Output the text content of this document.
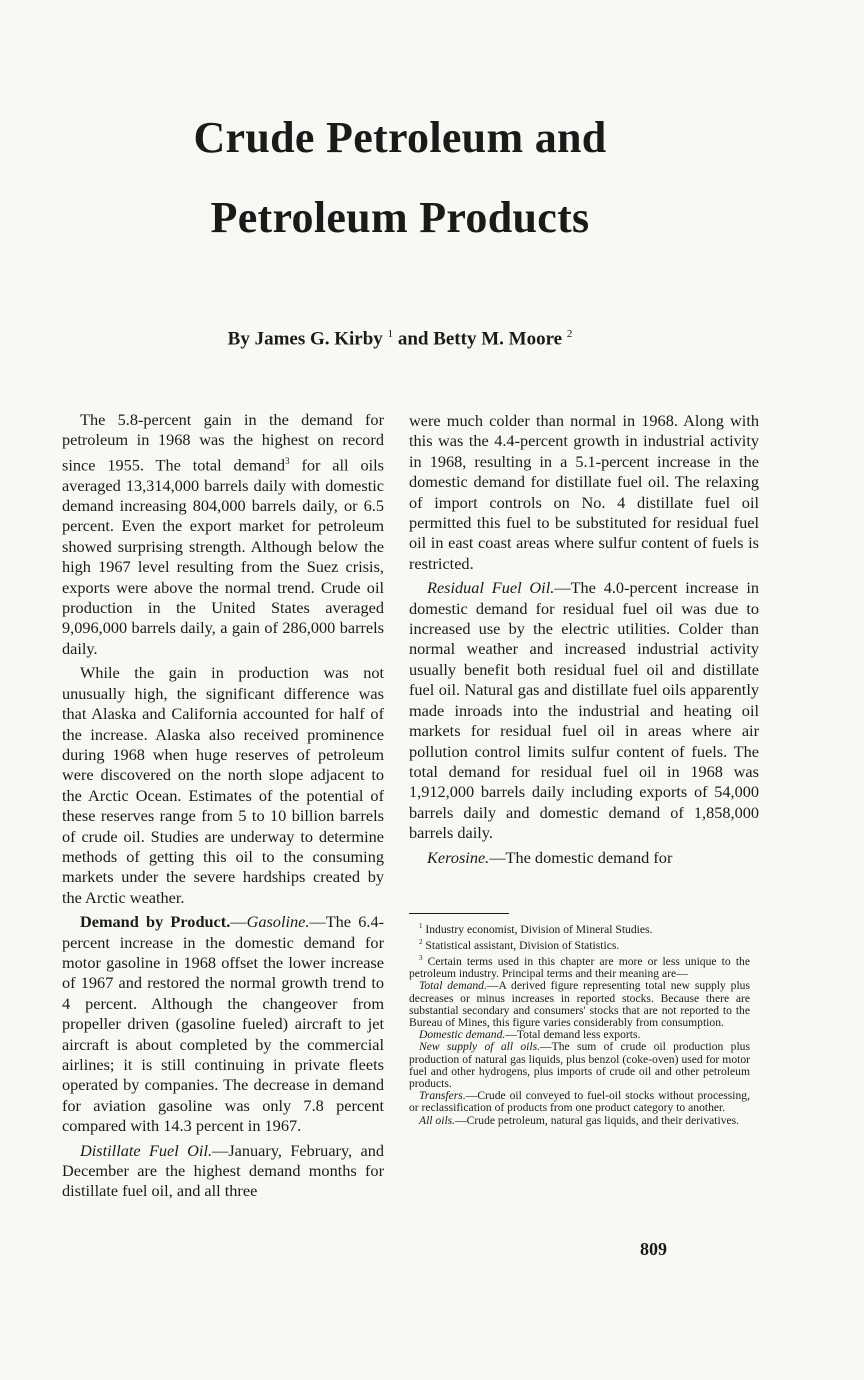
Crude Petroleum and
Petroleum Products
By James G. Kirby $^1$ and Betty M. Moore $^2$

The 5.8-percent gain in the demand for petroleum in 1968 was the highest on record since 1955. The total demand$^3$ for all oils averaged 13,314,000 barrels daily with domestic demand increasing 804,000 barrels daily, or 6.5 percent. Even the export market for petroleum showed surprising strength. Although below the high 1967 level resulting from the Suez crisis, exports were above the normal trend. Crude oil production in the United States averaged 9,096,000 barrels daily, a gain of 286,000 barrels daily.

While the gain in production was not unusually high, the significant difference was that Alaska and California accounted for half of the increase. Alaska also received prominence during 1968 when huge reserves of petroleum were discovered on the north slope adjacent to the Arctic Ocean. Estimates of the potential of these reserves range from 5 to 10 billion barrels of crude oil. Studies are underway to determine methods of getting this oil to the consuming markets under the severe hardships created by the Arctic weather.

Demand by Product.—Gasoline.—The 6.4-percent increase in the domestic demand for motor gasoline in 1968 offset the lower increase of 1967 and restored the normal growth trend to 4 percent. Although the changeover from propeller driven (gasoline fueled) aircraft to jet aircraft is about completed by the commercial airlines; it is still continuing in private fleets operated by companies. The decrease in demand for aviation gasoline was only 7.8 percent compared with 14.3 percent in 1967.

Distillate Fuel Oil.—January, February, and December are the highest demand months for distillate fuel oil, and all three

were much colder than normal in 1968. Along with this was the 4.4-percent growth in industrial activity in 1968, resulting in a 5.1-percent increase in the domestic demand for distillate fuel oil. The relaxing of import controls on No. 4 distillate fuel oil permitted this fuel to be substituted for residual fuel oil in east coast areas where sulfur content of fuels is restricted.

Residual Fuel Oil.—The 4.0-percent increase in domestic demand for residual fuel oil was due to increased use by the electric utilities. Colder than normal weather and increased industrial activity usually benefit both residual fuel oil and distillate fuel oil. Natural gas and distillate fuel oils apparently made inroads into the industrial and heating oil markets for residual fuel oil in areas where air pollution control limits sulfur content of fuels. The total demand for residual fuel oil in 1968 was 1,912,000 barrels daily including exports of 54,000 barrels daily and domestic demand of 1,858,000 barrels daily.

Kerosine.—The domestic demand for

$^1$ Industry economist, Division of Mineral Studies.

$^2$ Statistical assistant, Division of Statistics.

$^3$ Certain terms used in this chapter are more or less unique to the petroleum industry. Principal terms and their meaning are—

Total demand.—A derived figure representing total new supply plus decreases or minus increases in reported stocks. Because there are substantial secondary and consumers' stocks that are not reported to the Bureau of Mines, this figure varies considerably from consumption.

Domestic demand.—Total demand less exports.

New supply of all oils.—The sum of crude oil production plus production of natural gas liquids, plus benzol (coke-oven) used for motor fuel and other hydrogens, plus imports of crude oil and other petroleum products.

Transfers.—Crude oil conveyed to fuel-oil stocks without processing, or reclassification of products from one product category to another.

All oils.—Crude petroleum, natural gas liquids, and their derivatives.

809
